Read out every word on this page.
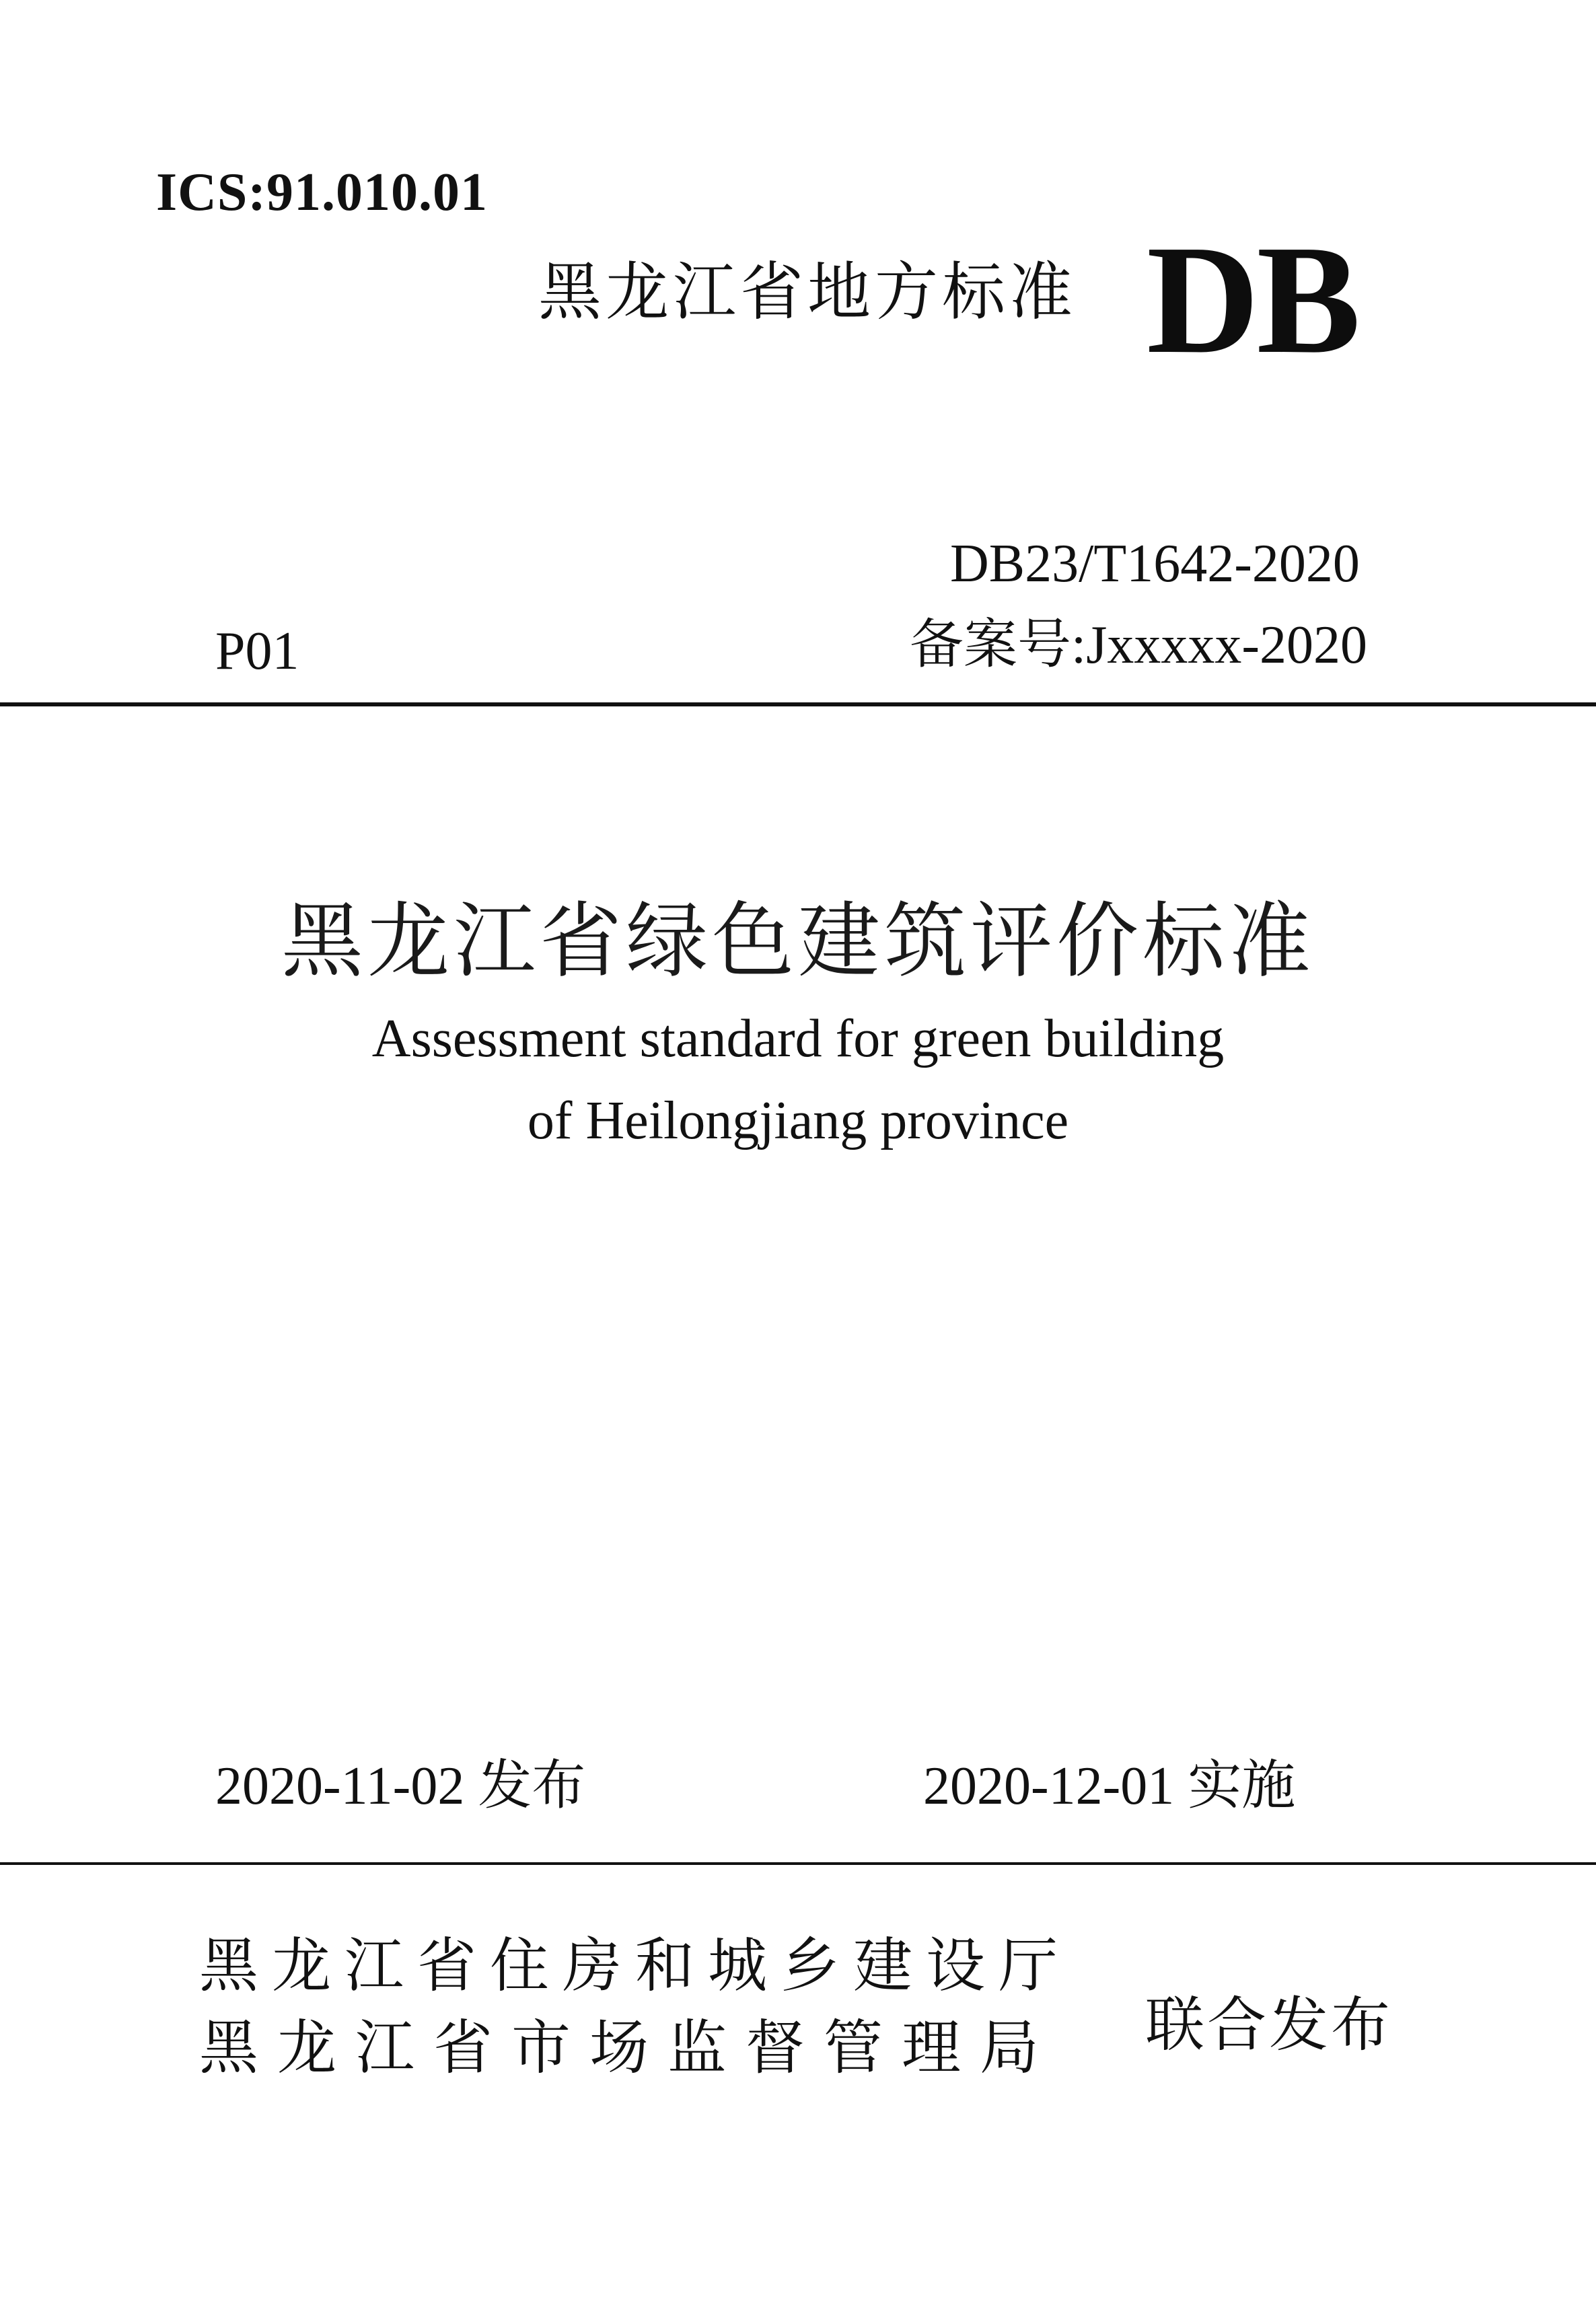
ICS:91.010.01
黑龙江省地方标准 DB
DB23/T1642-2020
P01	备案号:Jxxxxx-2020
黑龙江省绿色建筑评价标准
Assessment standard for green building
of Heilongjiang province
2020-11-02 发布	2020-12-01 实施
黑龙江省住房和城乡建设厅
黑龙江省市场监督管理局 联合发布
